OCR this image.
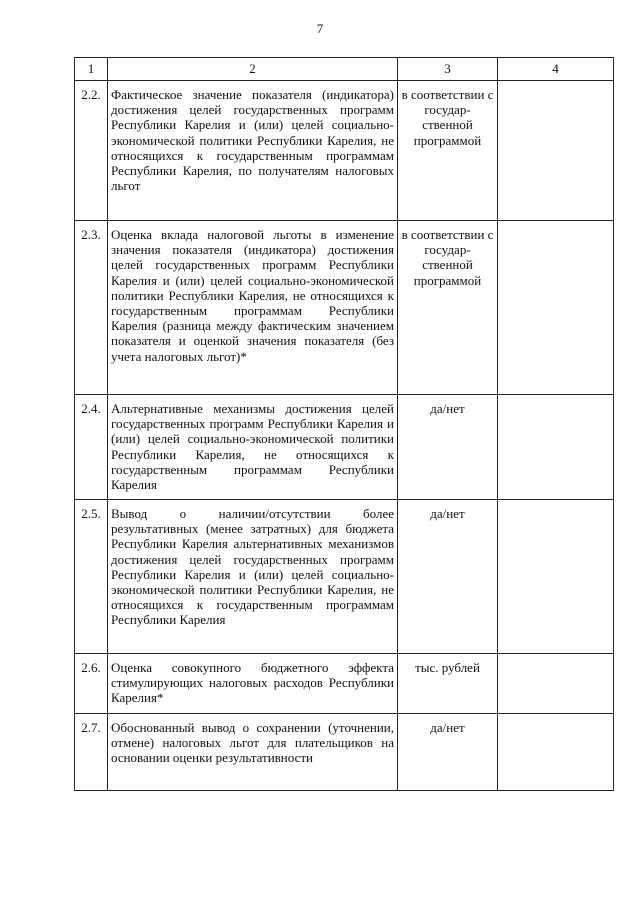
7
1	2	3	4
2.2.	Фактическое значение показателя (индикатора) достижения целей государственных программ Республики Карелия и (или) целей социально-экономической политики Республики Карелия, не относящихся к государственным программам Республики Карелия, по получателям налоговых льгот	в соответствии с государ-ственной программой	
2.3.	Оценка вклада налоговой льготы в изменение значения показателя (индикатора) достижения целей государственных программ Республики Карелия и (или) целей социально-экономической политики Республики Карелия, не относящихся к государственным программам Республики Карелия (разница между фактическим значением показателя и оценкой значения показателя (без учета налоговых льгот)*	в соответствии с государ-ственной программой	
2.4.	Альтернативные механизмы достижения целей государственных программ Республики Карелия и (или) целей социально-экономической политики Республики Карелия, не относящихся к государственным программам Республики Карелия	да/нет	
2.5.	Вывод о наличии/отсутствии более результативных (менее затратных) для бюджета Республики Карелия альтернативных механизмов достижения целей государственных программ Республики Карелия и (или) целей социально-экономической политики Республики Карелия, не относящихся к государственным программам Республики Карелия	да/нет	
2.6.	Оценка совокупного бюджетного эффекта стимулирующих налоговых расходов Республики Карелия*	тыс. рублей	
2.7.	Обоснованный вывод о сохранении (уточнении, отмене) налоговых льгот для плательщиков на основании оценки результативности	да/нет	
